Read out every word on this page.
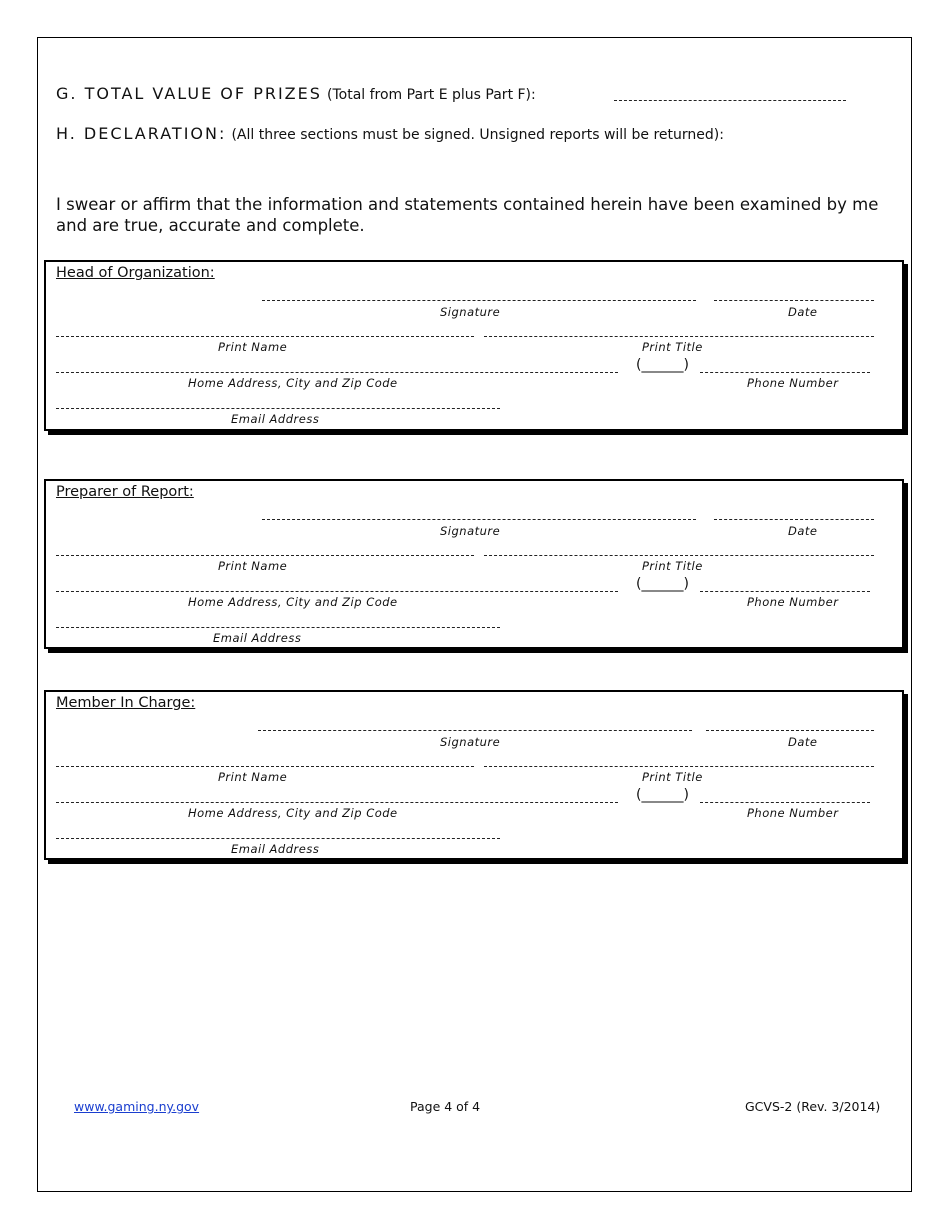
G. TOTAL VALUE OF PRIZES (Total from Part E plus Part F):
H. DECLARATION: (All three sections must be signed. Unsigned reports will be returned):
I swear or affirm that the information and statements contained herein have been examined by me and are true, accurate and complete.
Head of Organization:
Signature	Date
Print Name	Print Title
(______)
Home Address, City and Zip Code	Phone Number
Email Address
Preparer of Report:
Signature	Date
Print Name	Print Title
(______)
Home Address, City and Zip Code	Phone Number
Email Address
Member In Charge:
Signature	Date
Print Name	Print Title
(______)
Home Address, City and Zip Code	Phone Number
Email Address
www.gaming.ny.gov	Page 4 of 4	GCVS-2 (Rev. 3/2014)
